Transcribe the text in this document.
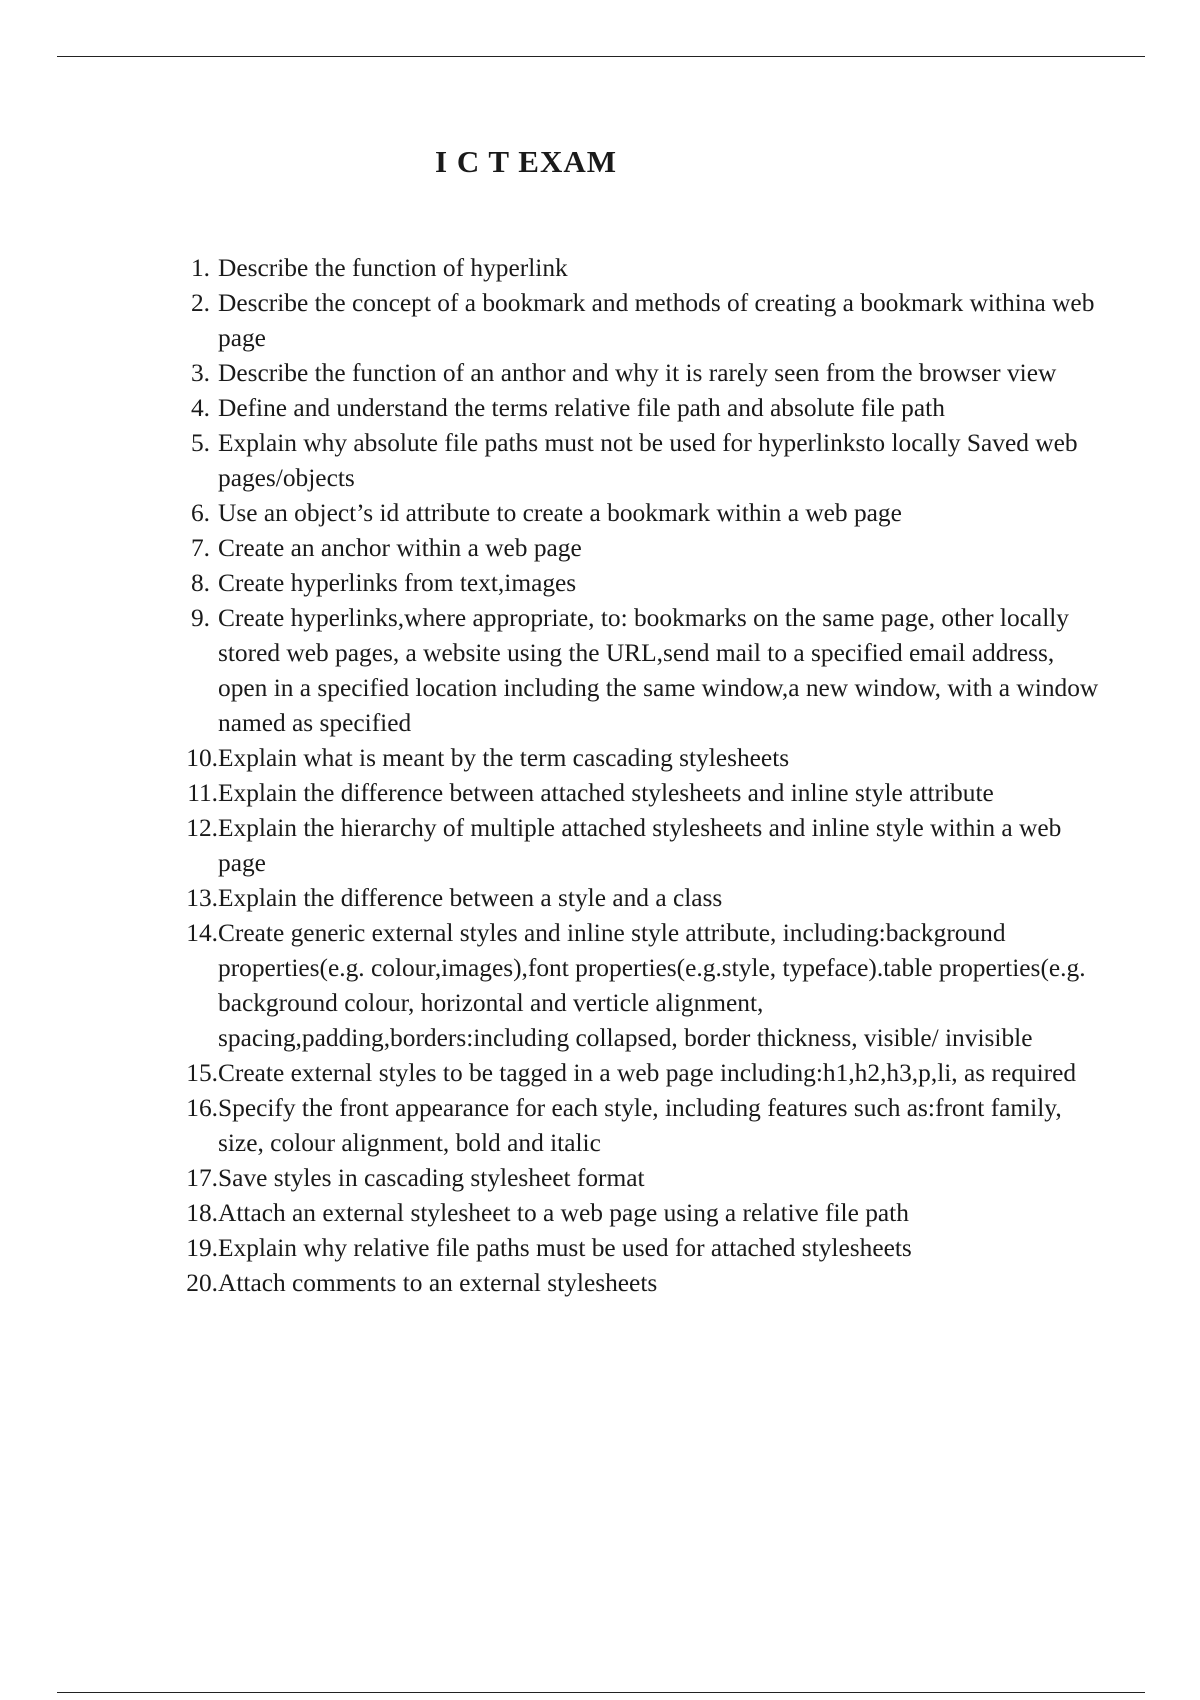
I C T EXAM
1. Describe the function of hyperlink
2. Describe the concept of a bookmark and methods of creating a bookmark withina web page
3. Describe the function of an anthor and why it is rarely seen from the browser view
4. Define and understand the terms relative file path and absolute file path
5. Explain why absolute file paths must not be used for hyperlinksto locally Saved web pages/objects
6. Use an object’s id attribute to create a bookmark within a web page
7. Create an anchor within a web page
8. Create hyperlinks from text,images
9. Create hyperlinks,where appropriate, to: bookmarks on the same page, other locally stored web pages, a website using the URL,send mail to a specified email address, open in a specified location including the same window,a new window, with a window named as specified
10. Explain what is meant by the term cascading stylesheets
11. Explain the difference between attached stylesheets and inline style attribute
12. Explain the hierarchy of multiple attached stylesheets and inline style within a web page
13. Explain the difference between a style and a class
14. Create generic external styles and inline style attribute, including:background properties(e.g. colour,images),font properties(e.g.style, typeface).table properties(e.g. background colour, horizontal and verticle alignment, spacing,padding,borders:including collapsed, border thickness, visible/ invisible
15. Create external styles to be tagged in a web page including:h1,h2,h3,p,li, as required
16. Specify the front appearance for each style, including features such as:front family, size, colour alignment, bold and italic
17. Save styles in cascading stylesheet format
18. Attach an external stylesheet to a web page using a relative file path
19. Explain why relative file paths must be used for attached stylesheets
20. Attach comments to an external stylesheets
